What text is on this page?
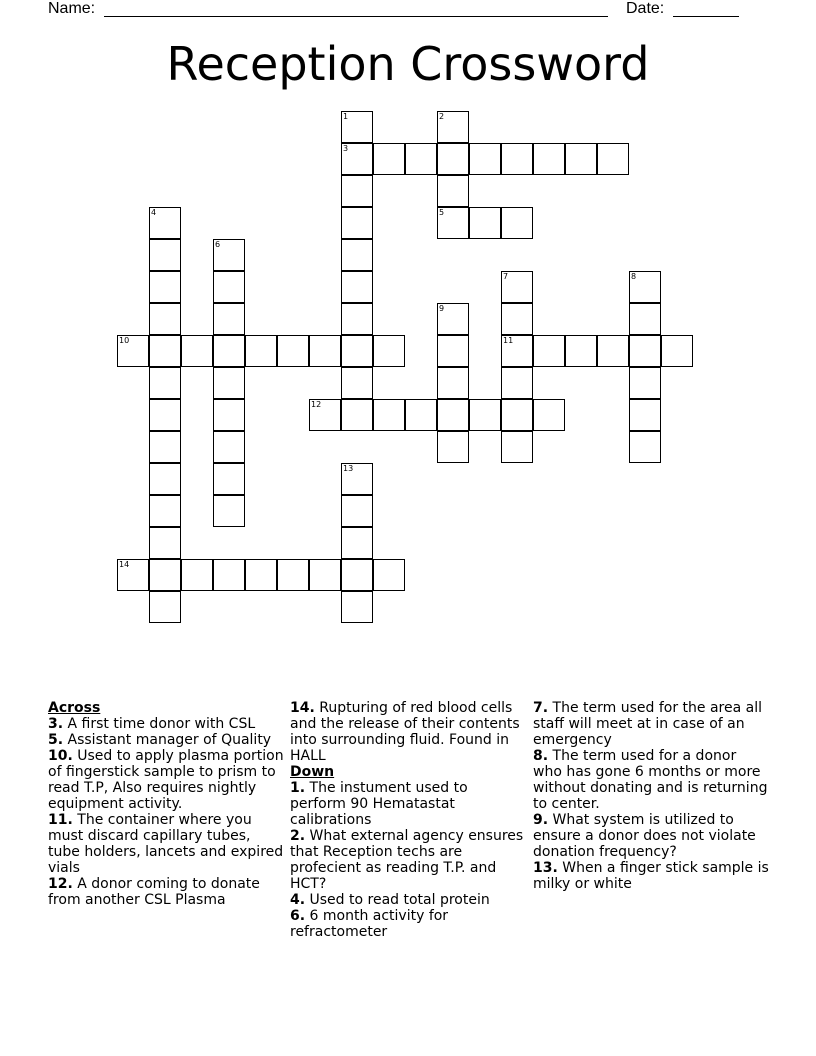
Name:	Date:
Reception Crossword
1
3
2
4	5
6
7
11
8
9
10
12
13
14
Across

3. A first time donor with CSL

5. Assistant manager of Quality

10. Used to apply plasma portion of fingerstick sample to prism to read T.P, Also requires nightly equipment activity.

11. The container where you must discard capillary tubes, tube holders, lancets and expired vials

12. A donor coming to donate from another CSL Plasma

14. Rupturing of red blood cells and the release of their contents into surrounding fluid. Found in HALL

Down

1. The instument used to perform 90 Hematastat calibrations

2. What external agency ensures that Reception techs are profecient as reading T.P. and HCT?

4. Used to read total protein

6. 6 month activity for refractometer

7. The term used for the area all staff will meet at in case of an emergency

8. The term used for a donor who has gone 6 months or more without donating and is returning to center.

9. What system is utilized to ensure a donor does not violate donation frequency?

13. When a finger stick sample is milky or white
